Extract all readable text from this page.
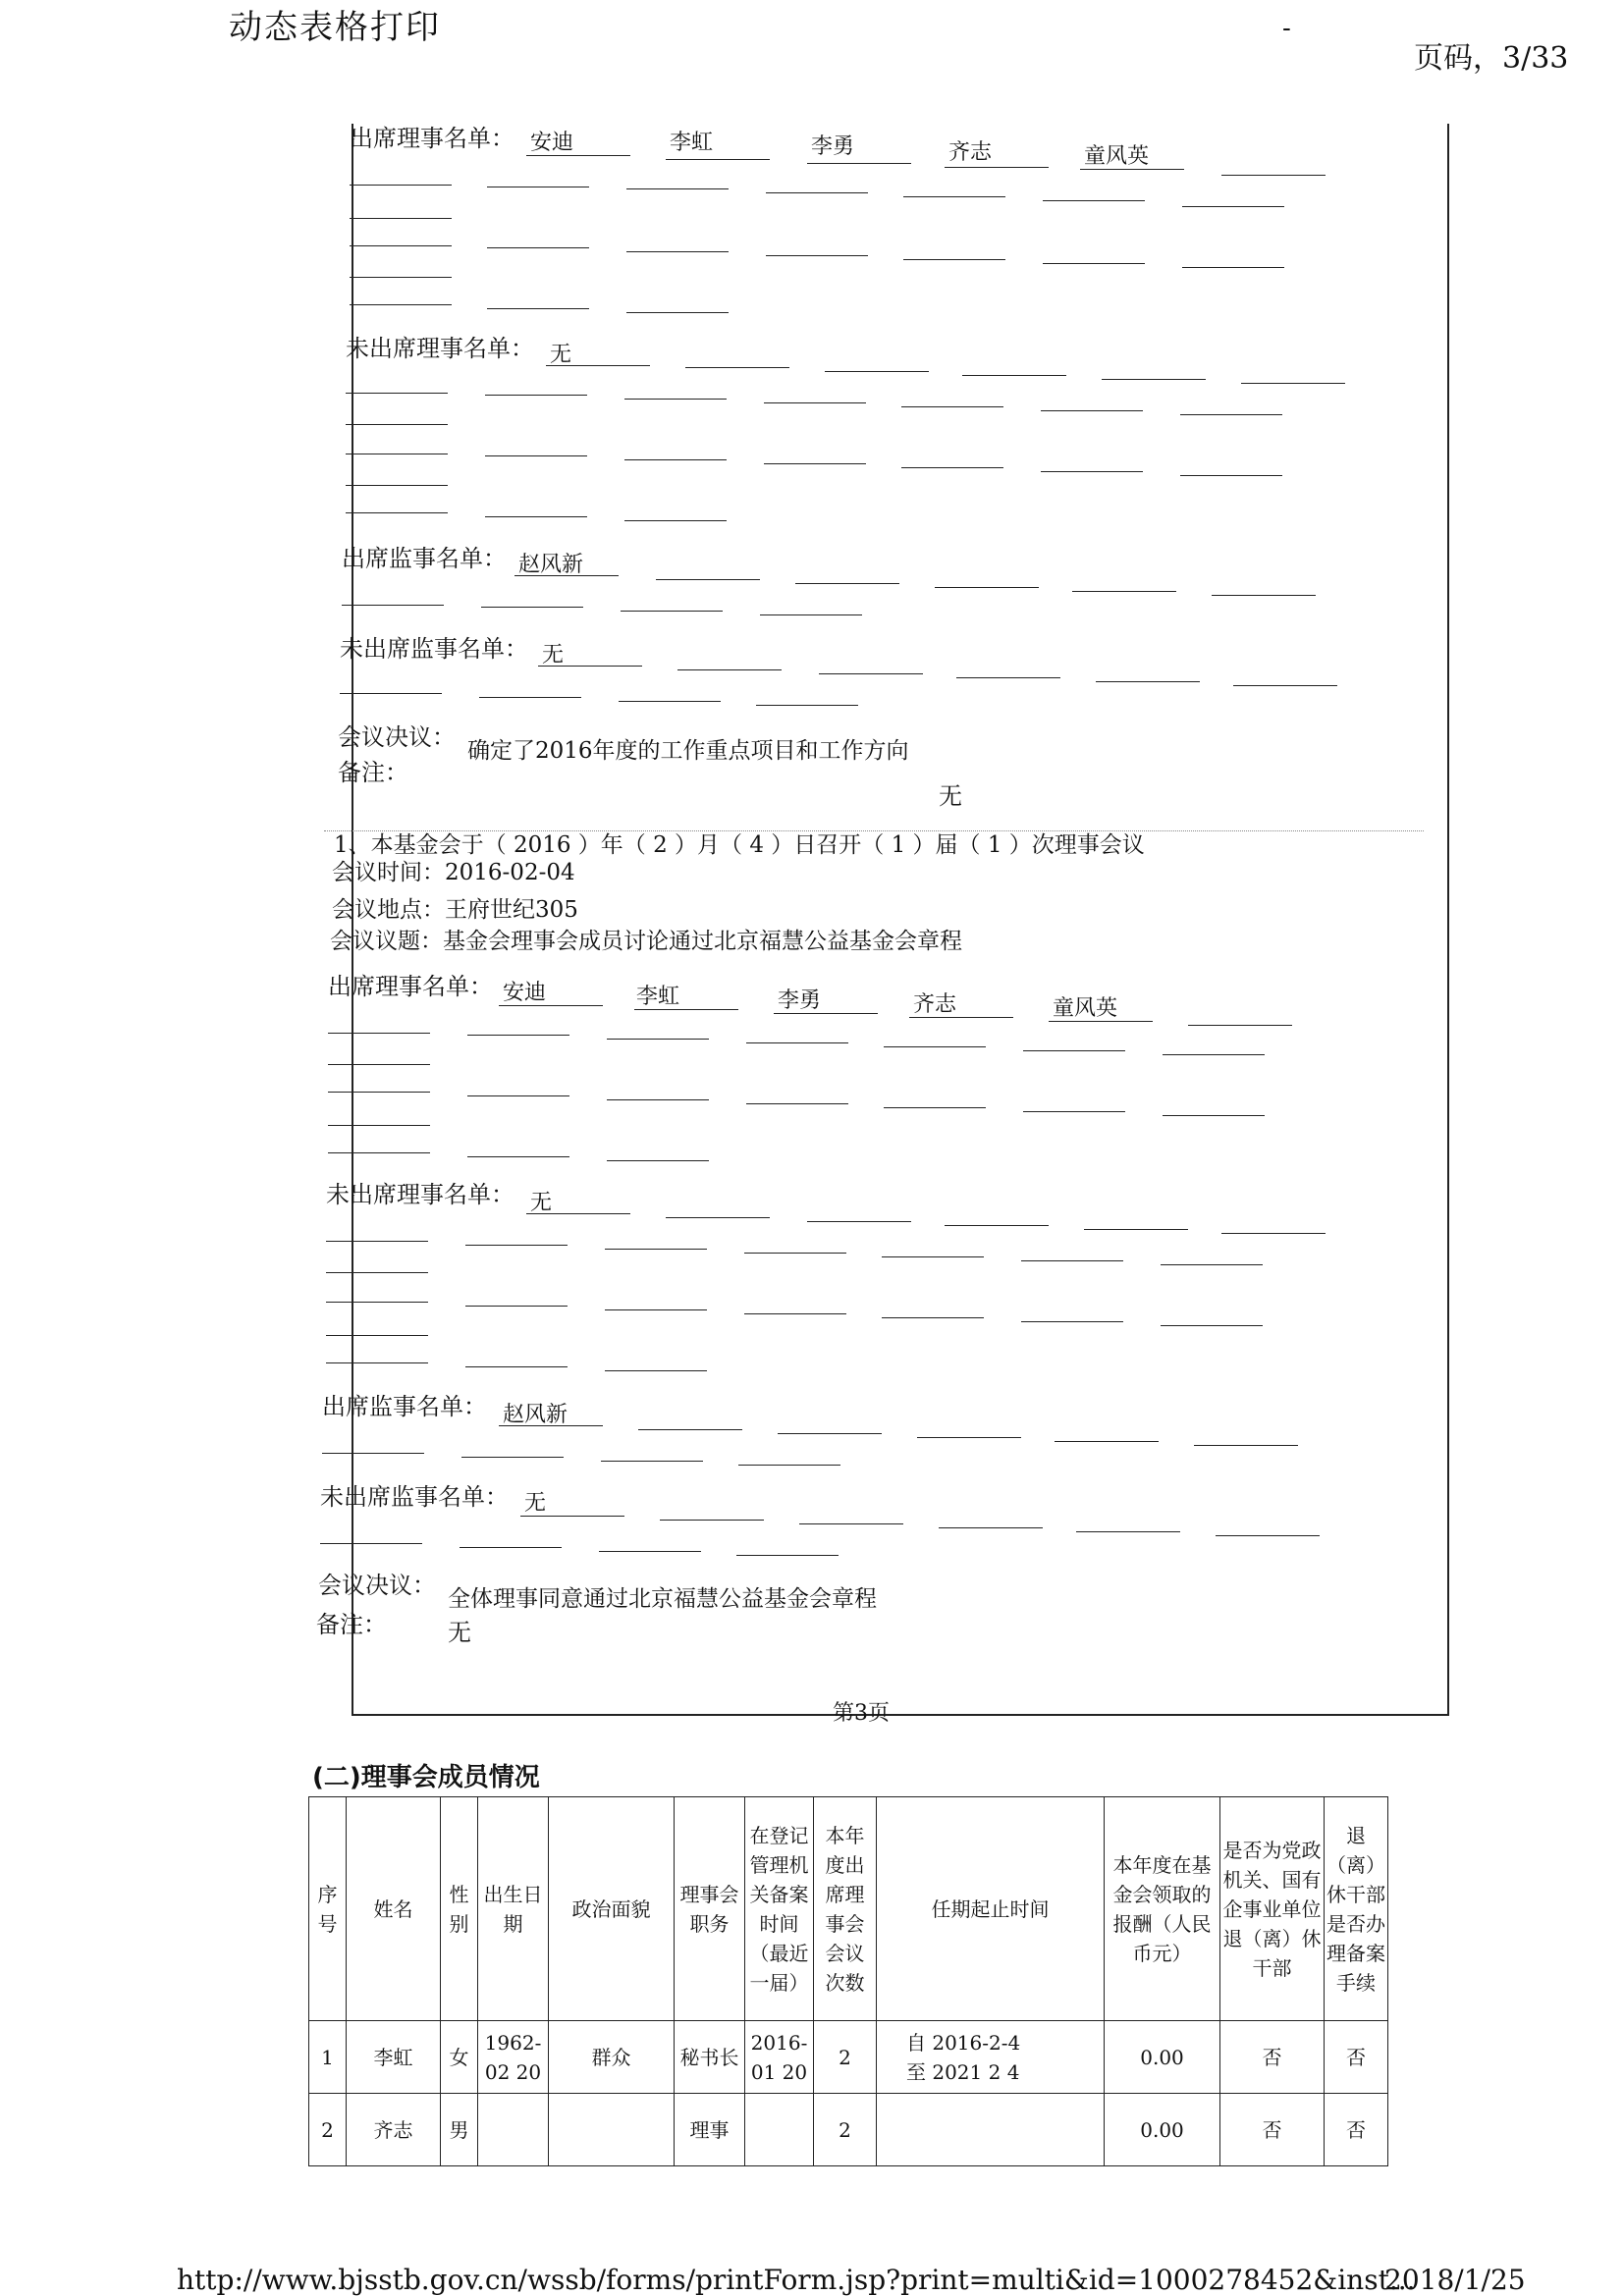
动态表格打印	-
页码，3/33
出席理事名单： 安迪	李虹	李勇	齐志	童风英
未出席理事名单： 无
出席监事名单： 赵风新
未出席监事名单： 无
会议决议： 确定了2016年度的工作重点项目和工作方向
备注：
无
1、本基金会于（ 2016 ）年（ 2 ）月（ 4 ）日召开（ 1 ）届（ 1 ）次理事会议
会议时间：2016-02-04
会议地点：王府世纪305
会议议题：基金会理事会成员讨论通过北京福慧公益基金会章程
出席理事名单： 安迪	李虹	李勇	齐志	童风英
未出席理事名单： 无
出席监事名单： 赵风新
未出席监事名单： 无
会议决议： 全体理事同意通过北京福慧公益基金会章程
备注：	无
第3页
(二)理事会成员情况
序号	姓名	性别	出生日期	政治面貌	理事会职务	在登记管理机关备案时间（最近一届）	本年度出席理事会会议次数	任期起止时间	本年度在基金会领取的报酬（人民币元）	是否为党政机关、国有企事业单位退（离）休干部	退（离）休干部是否办理备案手续
1	李虹	女	1962-02 20	群众	秘书长	2016-01 20	2	自 2016-2-4
至 2021 2 4	0.00	否	否
2	齐志	男			理事		2		0.00	否	否
http://www.bjsstb.gov.cn/wssb/forms/printForm.jsp?print=multi&id=1000278452&inst...
2018/1/25
